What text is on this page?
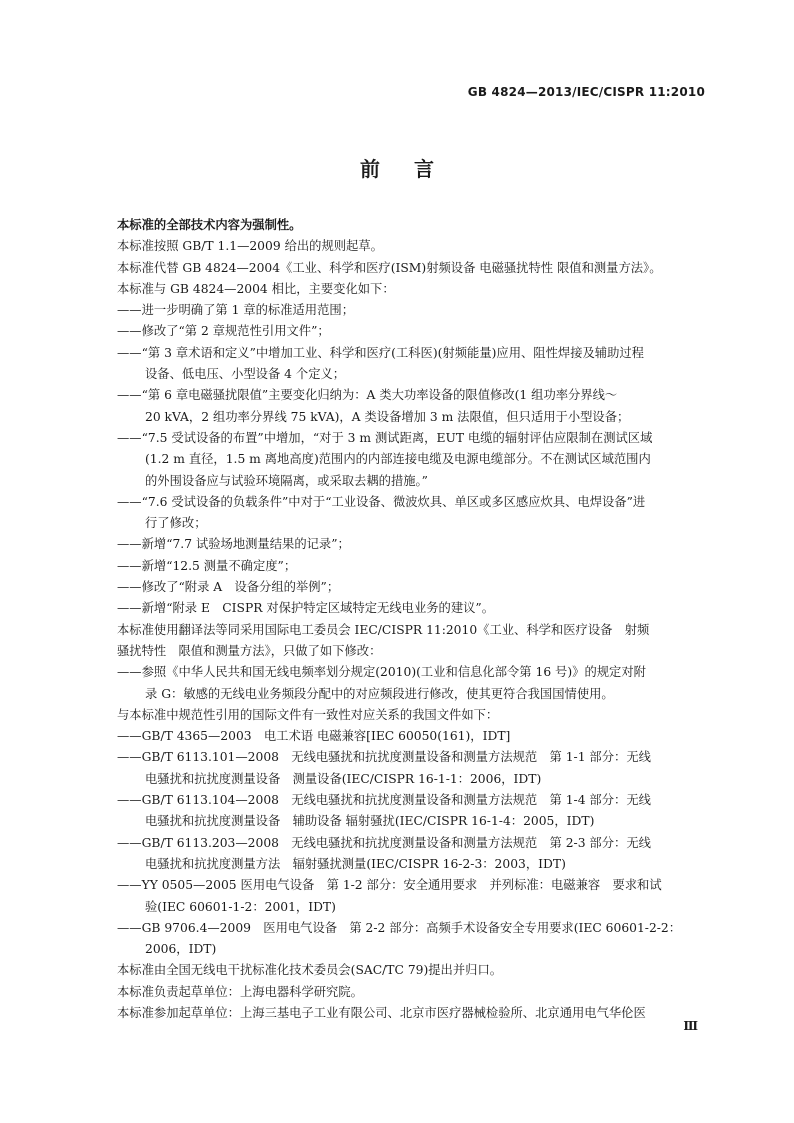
GB 4824—2013/IEC/CISPR 11:2010
前言

本标准的全部技术内容为强制性。

本标准按照 GB/T 1.1—2009 给出的规则起草。

本标准代替 GB 4824—2004《工业、科学和医疗(ISM)射频设备 电磁骚扰特性 限值和测量方法》。

本标准与 GB 4824—2004 相比，主要变化如下：

——进一步明确了第 1 章的标准适用范围；

——修改了“第 2 章规范性引用文件”；

——“第 3 章术语和定义”中增加工业、科学和医疗(工科医)(射频能量)应用、阻性焊接及辅助过程

设备、低电压、小型设备 4 个定义；

——“第 6 章电磁骚扰限值”主要变化归纳为：A 类大功率设备的限值修改(1 组功率分界线～

20 kVA，2 组功率分界线 75 kVA)，A 类设备增加 3 m 法限值，但只适用于小型设备；

——“7.5 受试设备的布置”中增加，“对于 3 m 测试距离，EUT 电缆的辐射评估应限制在测试区域

(1.2 m 直径，1.5 m 离地高度)范围内的内部连接电缆及电源电缆部分。不在测试区域范围内

的外围设备应与试验环境隔离，或采取去耦的措施。”

——“7.6 受试设备的负载条件”中对于“工业设备、微波炊具、单区或多区感应炊具、电焊设备”进

行了修改；

——新增“7.7 试验场地测量结果的记录”；

——新增“12.5 测量不确定度”；

——修改了“附录 A　设备分组的举例”；

——新增“附录 E　CISPR 对保护特定区域特定无线电业务的建议”。

本标准使用翻译法等同采用国际电工委员会 IEC/CISPR 11:2010《工业、科学和医疗设备　射频

骚扰特性　限值和测量方法》，只做了如下修改：

——参照《中华人民共和国无线电频率划分规定(2010)(工业和信息化部令第 16 号)》的规定对附

录 G：敏感的无线电业务频段分配中的对应频段进行修改，使其更符合我国国情使用。

与本标准中规范性引用的国际文件有一致性对应关系的我国文件如下：

——GB/T 4365—2003　电工术语 电磁兼容[IEC 60050(161)，IDT]

——GB/T 6113.101—2008　无线电骚扰和抗扰度测量设备和测量方法规范　第 1-1 部分：无线

电骚扰和抗扰度测量设备　测量设备(IEC/CISPR 16-1-1：2006，IDT)

——GB/T 6113.104—2008　无线电骚扰和抗扰度测量设备和测量方法规范　第 1-4 部分：无线

电骚扰和抗扰度测量设备　辅助设备 辐射骚扰(IEC/CISPR 16-1-4：2005，IDT)

——GB/T 6113.203—2008　无线电骚扰和抗扰度测量设备和测量方法规范　第 2-3 部分：无线

电骚扰和抗扰度测量方法　辐射骚扰测量(IEC/CISPR 16-2-3：2003，IDT)

——YY 0505—2005 医用电气设备　第 1-2 部分：安全通用要求　并列标准：电磁兼容　要求和试

验(IEC 60601-1-2：2001，IDT)

——GB 9706.4—2009　医用电气设备　第 2-2 部分：高频手术设备安全专用要求(IEC 60601-2-2：

2006，IDT)

本标准由全国无线电干扰标准化技术委员会(SAC/TC 79)提出并归口。

本标准负责起草单位：上海电器科学研究院。

本标准参加起草单位：上海三基电子工业有限公司、北京市医疗器械检验所、北京通用电气华伦医

Ⅲ
